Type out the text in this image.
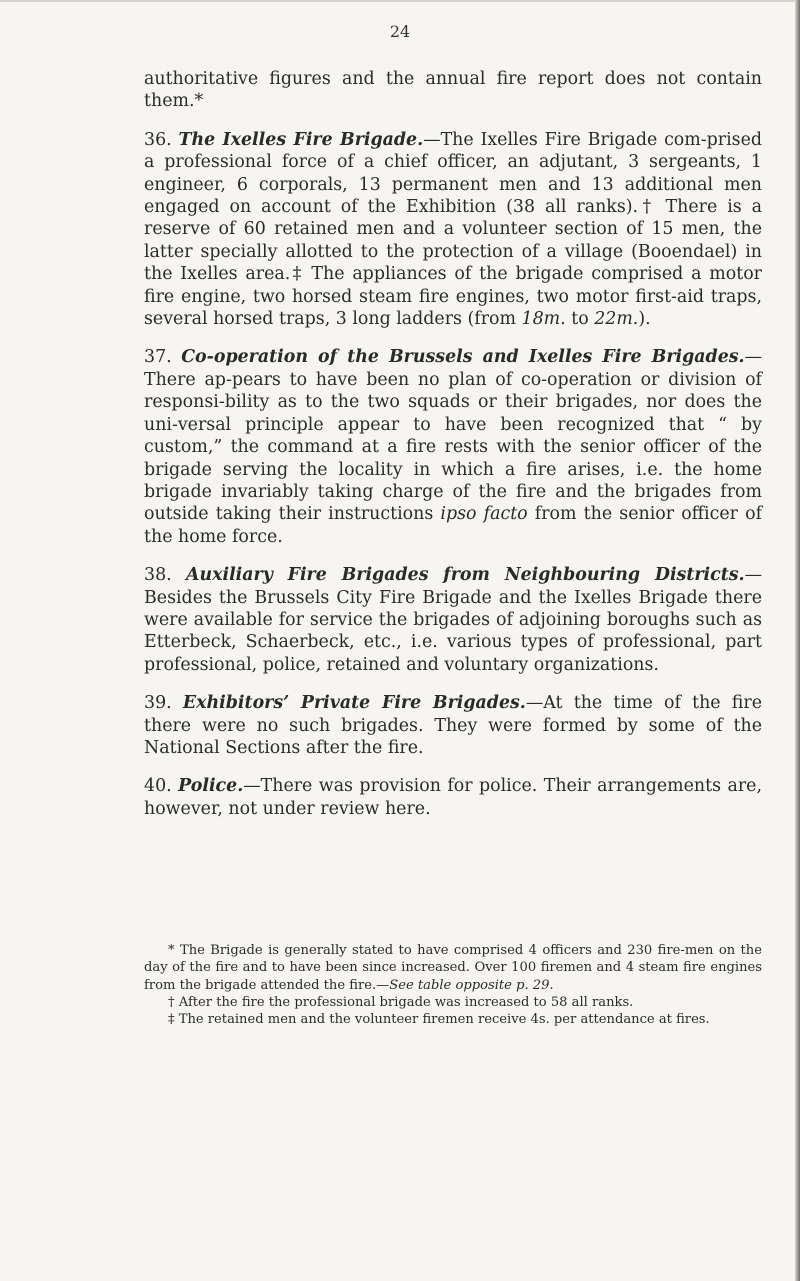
24

authoritative figures and the annual fire report does not contain them.*

36. The Ixelles Fire Brigade.—The Ixelles Fire Brigade com-prised a professional force of a chief officer, an adjutant, 3 sergeants, 1 engineer, 6 corporals, 13 permanent men and 13 additional men engaged on account of the Exhibition (38 all ranks).† There is a reserve of 60 retained men and a volunteer section of 15 men, the latter specially allotted to the protection of a village (Booendael) in the Ixelles area.‡ The appliances of the brigade comprised a motor fire engine, two horsed steam fire engines, two motor first-aid traps, several horsed traps, 3 long ladders (from 18m. to 22m.).

37. Co-operation of the Brussels and Ixelles Fire Brigades.—There ap-pears to have been no plan of co-operation or division of responsi-bility as to the two squads or their brigades, nor does the uni-versal principle appear to have been recognized that “ by custom,” the command at a fire rests with the senior officer of the brigade serving the locality in which a fire arises, i.e. the home brigade invariably taking charge of the fire and the brigades from outside taking their instructions ipso facto from the senior officer of the home force.

38. Auxiliary Fire Brigades from Neighbouring Districts.—Besides the Brussels City Fire Brigade and the Ixelles Brigade there were available for service the brigades of adjoining boroughs such as Etterbeck, Schaerbeck, etc., i.e. various types of professional, part professional, police, retained and voluntary organizations.

39. Exhibitors’ Private Fire Brigades.—At the time of the fire there were no such brigades. They were formed by some of the National Sections after the fire.

40. Police.—There was provision for police. Their arrangements are, however, not under review here.

* The Brigade is generally stated to have comprised 4 officers and 230 fire-men on the day of the fire and to have been since increased. Over 100 firemen and 4 steam fire engines from the brigade attended the fire.—See table opposite p. 29.

† After the fire the professional brigade was increased to 58 all ranks.

‡ The retained men and the volunteer firemen receive 4s. per attendance at fires.
